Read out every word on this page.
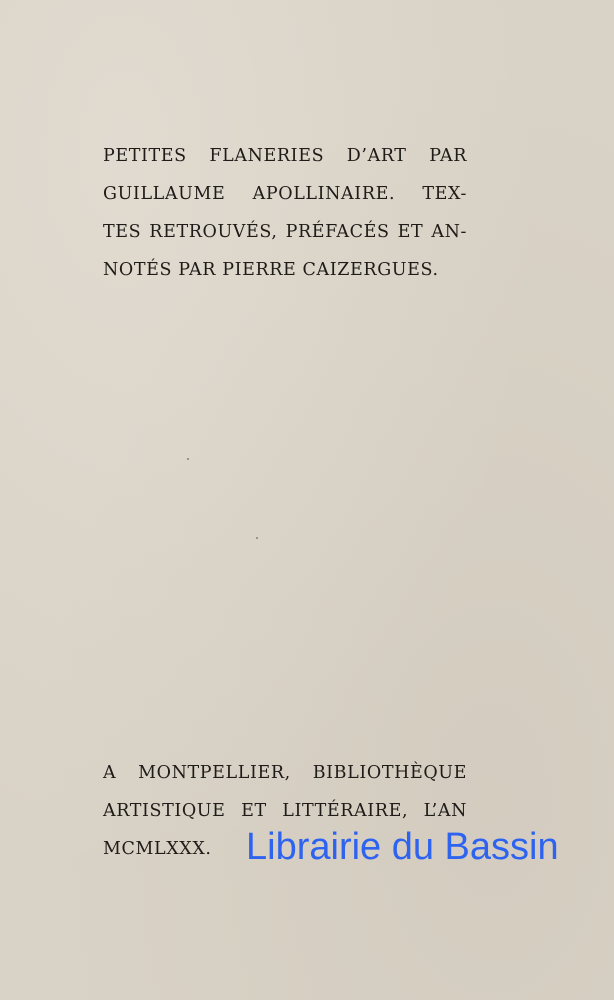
PETITES FLANERIES D’ART PAR
GUILLAUME APOLLINAIRE. TEX-
TES RETROUVÉS, PRÉFACÉS ET AN-
NOTÉS PAR PIERRE CAIZERGUES.
A MONTPELLIER, BIBLIOTHÈQUE
ARTISTIQUE ET LITTÉRAIRE, L’AN
MCMLXXX. Librairie du Bassin
